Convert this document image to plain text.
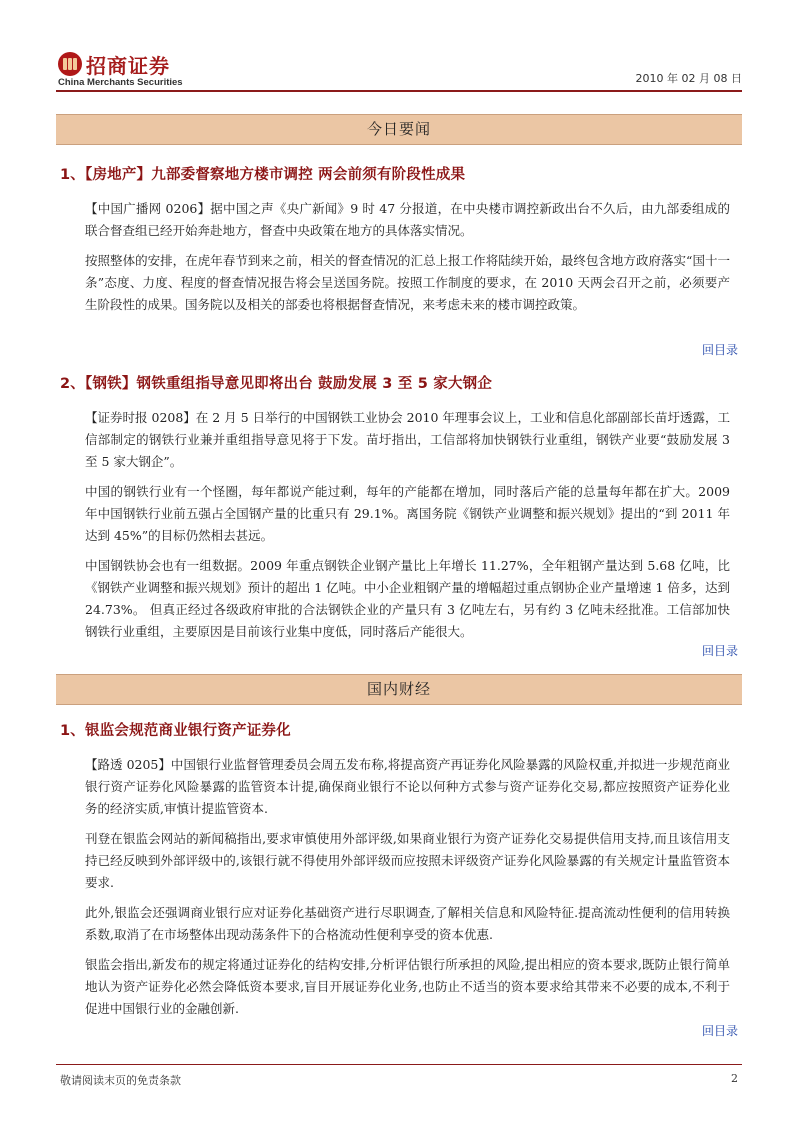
招商证券
China Merchants Securities	2010 年 02 月 08 日
今日要闻
1、【房地产】九部委督察地方楼市调控 两会前须有阶段性成果

【中国广播网 0206】据中国之声《央广新闻》9 时 47 分报道，在中央楼市调控新政出台不久后，由九部委组成的联合督查组已经开始奔赴地方，督查中央政策在地方的具体落实情况。

按照整体的安排，在虎年春节到来之前，相关的督查情况的汇总上报工作将陆续开始，最终包含地方政府落实“国十一条”态度、力度、程度的督查情况报告将会呈送国务院。按照工作制度的要求，在 2010 天两会召开之前，必须要产生阶段性的成果。国务院以及相关的部委也将根据督查情况，来考虑未来的楼市调控政策。

回目录
2、【钢铁】钢铁重组指导意见即将出台 鼓励发展 3 至 5 家大钢企

【证券时报 0208】在 2 月 5 日举行的中国钢铁工业协会 2010 年理事会议上，工业和信息化部副部长苗圩透露，工信部制定的钢铁行业兼并重组指导意见将于下发。苗圩指出，工信部将加快钢铁行业重组，钢铁产业要“鼓励发展 3 至 5 家大钢企”。

中国的钢铁行业有一个怪圈，每年都说产能过剩，每年的产能都在增加，同时落后产能的总量每年都在扩大。2009 年中国钢铁行业前五强占全国钢产量的比重只有 29.1%。离国务院《钢铁产业调整和振兴规划》提出的“到 2011 年达到 45%”的目标仍然相去甚远。

中国钢铁协会也有一组数据。2009 年重点钢铁企业钢产量比上年增长 11.27%，全年粗钢产量达到 5.68 亿吨，比《钢铁产业调整和振兴规划》预计的超出 1 亿吨。中小企业粗钢产量的增幅超过重点钢协企业产量增速 1 倍多，达到 24.73%。 但真正经过各级政府审批的合法钢铁企业的产量只有 3 亿吨左右，另有约 3 亿吨未经批准。工信部加快钢铁行业重组，主要原因是目前该行业集中度低，同时落后产能很大。

回目录
国内财经
1、银监会规范商业银行资产证券化

【路透 0205】中国银行业监督管理委员会周五发布称,将提高资产再证券化风险暴露的风险权重,并拟进一步规范商业银行资产证券化风险暴露的监管资本计提,确保商业银行不论以何种方式参与资产证券化交易,都应按照资产证券化业务的经济实质,审慎计提监管资本.

刊登在银监会网站的新闻稿指出,要求审慎使用外部评级,如果商业银行为资产证券化交易提供信用支持,而且该信用支持已经反映到外部评级中的,该银行就不得使用外部评级而应按照未评级资产证券化风险暴露的有关规定计量监管资本要求.

此外,银监会还强调商业银行应对证券化基础资产进行尽职调查,了解相关信息和风险特征.提高流动性便利的信用转换系数,取消了在市场整体出现动荡条件下的合格流动性便利享受的资本优惠.

银监会指出,新发布的规定将通过证券化的结构安排,分析评估银行所承担的风险,提出相应的资本要求,既防止银行简单地认为资产证券化必然会降低资本要求,盲目开展证券化业务,也防止不适当的资本要求给其带来不必要的成本,不利于促进中国银行业的金融创新.

回目录
敬请阅读末页的免责条款	2
